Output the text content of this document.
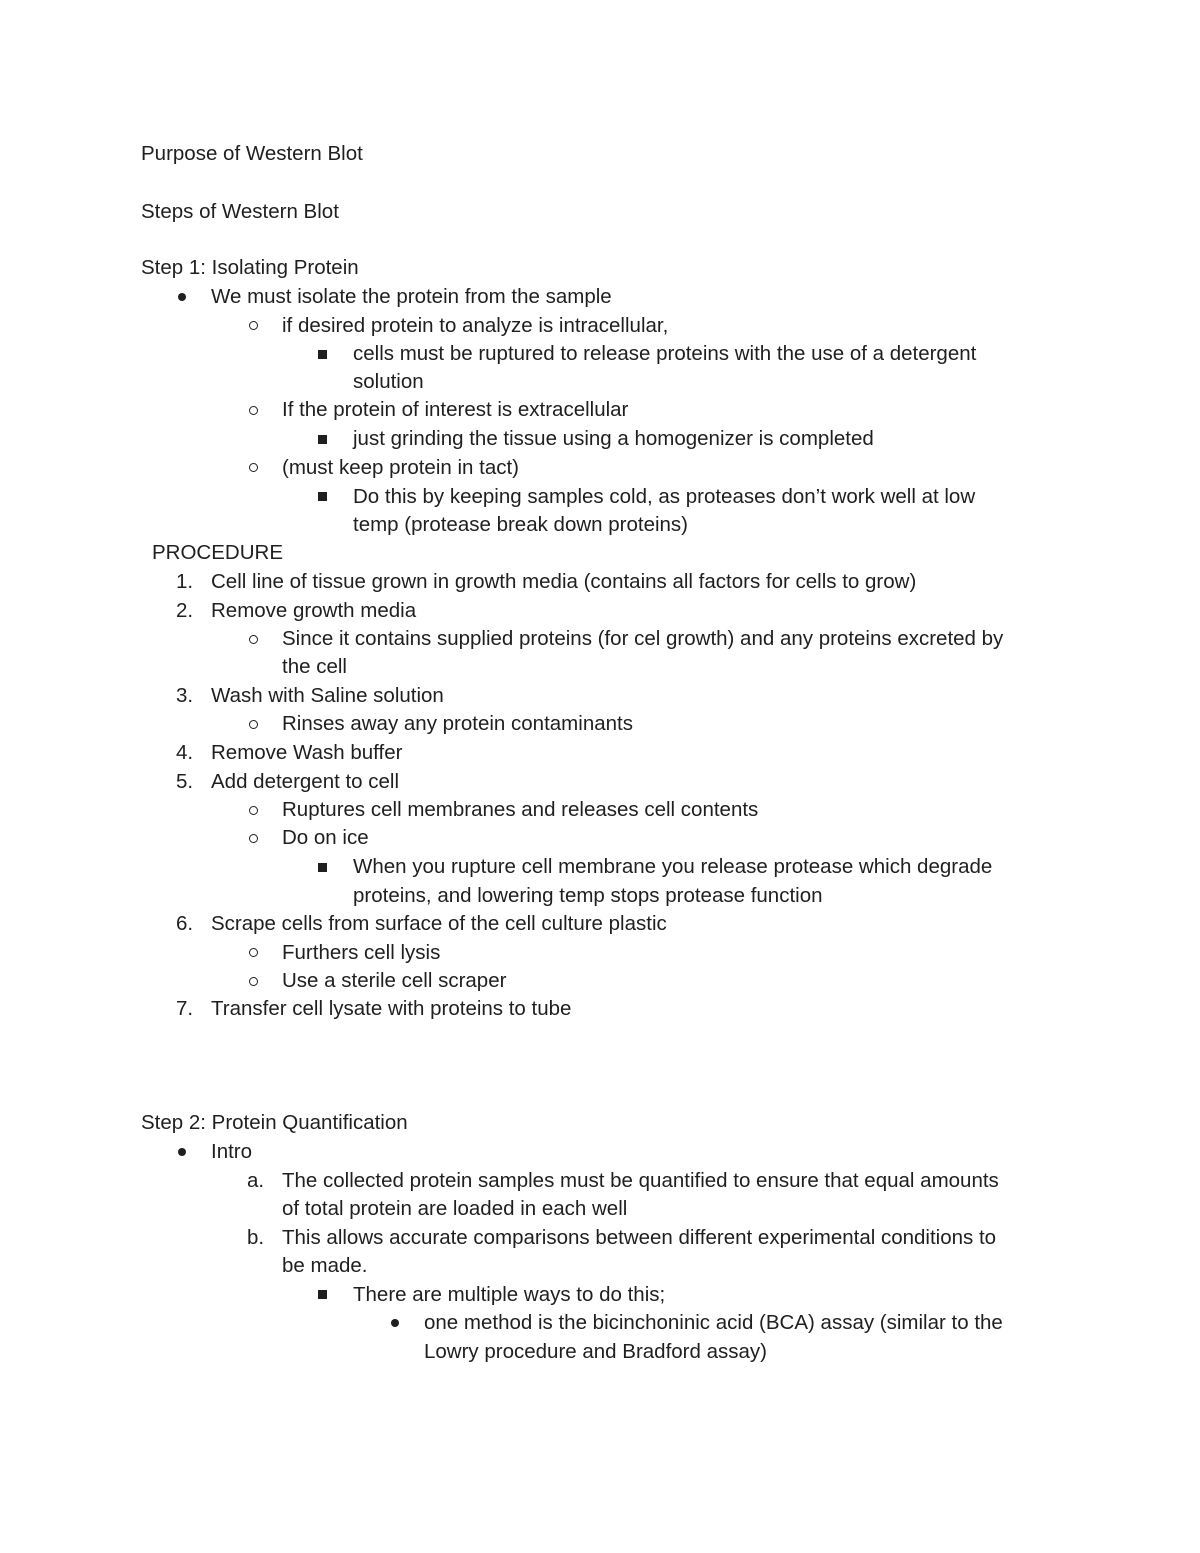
Purpose of Western Blot
Steps of Western Blot
Step 1: Isolating Protein
We must isolate the protein from the sample
if desired protein to analyze is intracellular,
cells must be ruptured to release proteins with the use of a detergent
solution
If the protein of interest is extracellular
just grinding the tissue using a homogenizer is completed
(must keep protein in tact)
Do this by keeping samples cold, as proteases don’t work well at low
temp (protease break down proteins)
PROCEDURE
1. Cell line of tissue grown in growth media (contains all factors for cells to grow)
2. Remove growth media
Since it contains supplied proteins (for cel growth) and any proteins excreted by
the cell
3. Wash with Saline solution
Rinses away any protein contaminants
4. Remove Wash buffer
5. Add detergent to cell
Ruptures cell membranes and releases cell contents
Do on ice
When you rupture cell membrane you release protease which degrade
proteins, and lowering temp stops protease function
6. Scrape cells from surface of the cell culture plastic
Furthers cell lysis
Use a sterile cell scraper
7. Transfer cell lysate with proteins to tube
Step 2: Protein Quantification
Intro
a. The collected protein samples must be quantified to ensure that equal amounts
of total protein are loaded in each well
b. This allows accurate comparisons between different experimental conditions to
be made.
There are multiple ways to do this;
one method is the bicinchoninic acid (BCA) assay (similar to the
Lowry procedure and Bradford assay)
